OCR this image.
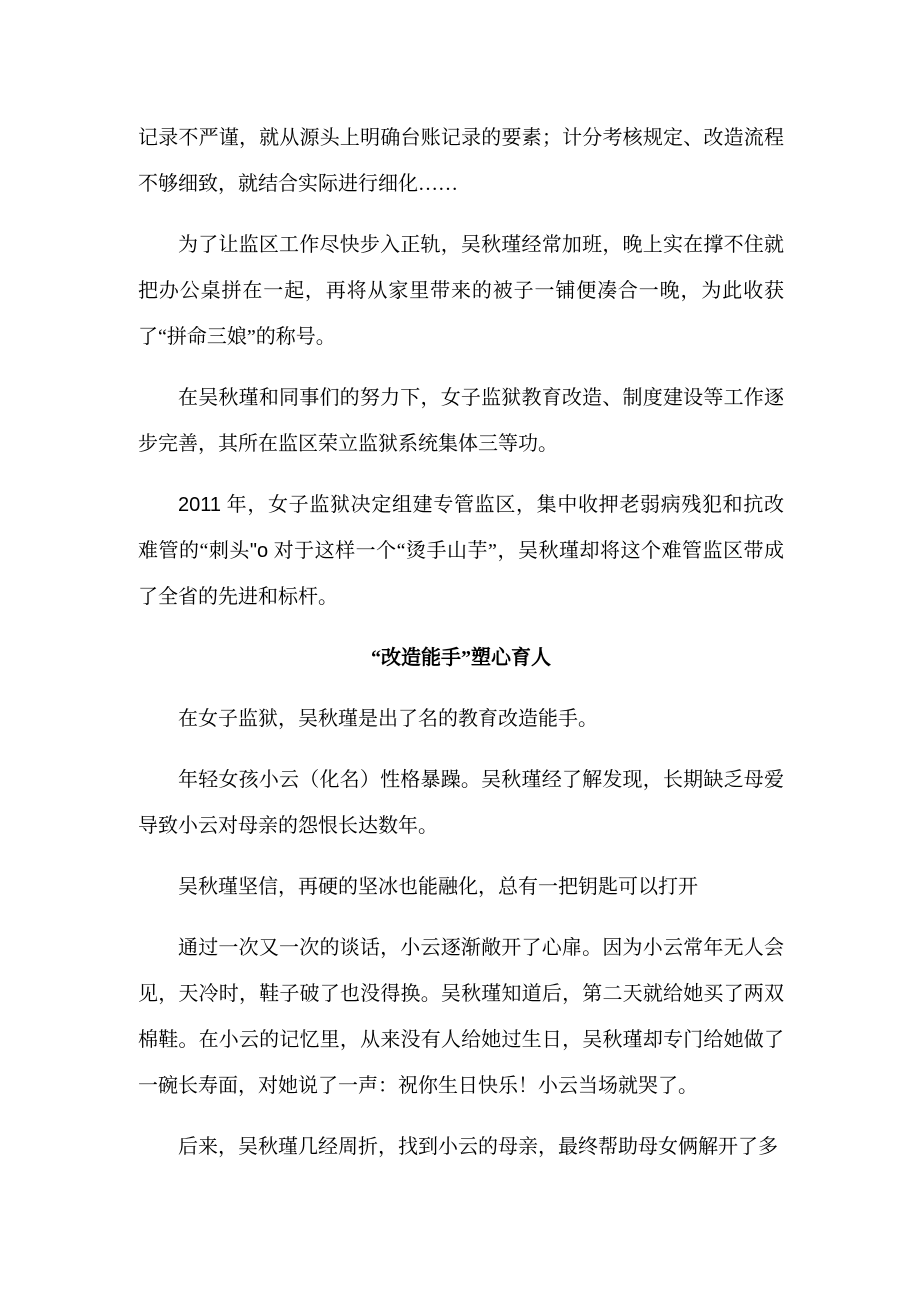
记录不严谨，就从源头上明确台账记录的要素；计分考核规定、改造流程不够细致，就结合实际进行细化……

为了让监区工作尽快步入正轨，吴秋瑾经常加班，晚上实在撑不住就把办公桌拼在一起，再将从家里带来的被子一铺便凑合一晚，为此收获了“拼命三娘”的称号。

在吴秋瑾和同事们的努力下，女子监狱教育改造、制度建设等工作逐步完善，其所在监区荣立监狱系统集体三等功。

2011 年，女子监狱决定组建专管监区，集中收押老弱病残犯和抗改难管的“刺头"o 对于这样一个“烫手山芋”，吴秋瑾却将这个难管监区带成了全省的先进和标杆。

“改造能手”塑心育人

在女子监狱，吴秋瑾是出了名的教育改造能手。

年轻女孩小云（化名）性格暴躁。吴秋瑾经了解发现，长期缺乏母爱导致小云对母亲的怨恨长达数年。

吴秋瑾坚信，再硬的坚冰也能融化，总有一把钥匙可以打开

通过一次又一次的谈话，小云逐渐敞开了心扉。因为小云常年无人会见，天冷时，鞋子破了也没得换。吴秋瑾知道后，第二天就给她买了两双棉鞋。在小云的记忆里，从来没有人给她过生日，吴秋瑾却专门给她做了一碗长寿面，对她说了一声：祝你生日快乐！小云当场就哭了。

后来，吴秋瑾几经周折，找到小云的母亲，最终帮助母女俩解开了多
